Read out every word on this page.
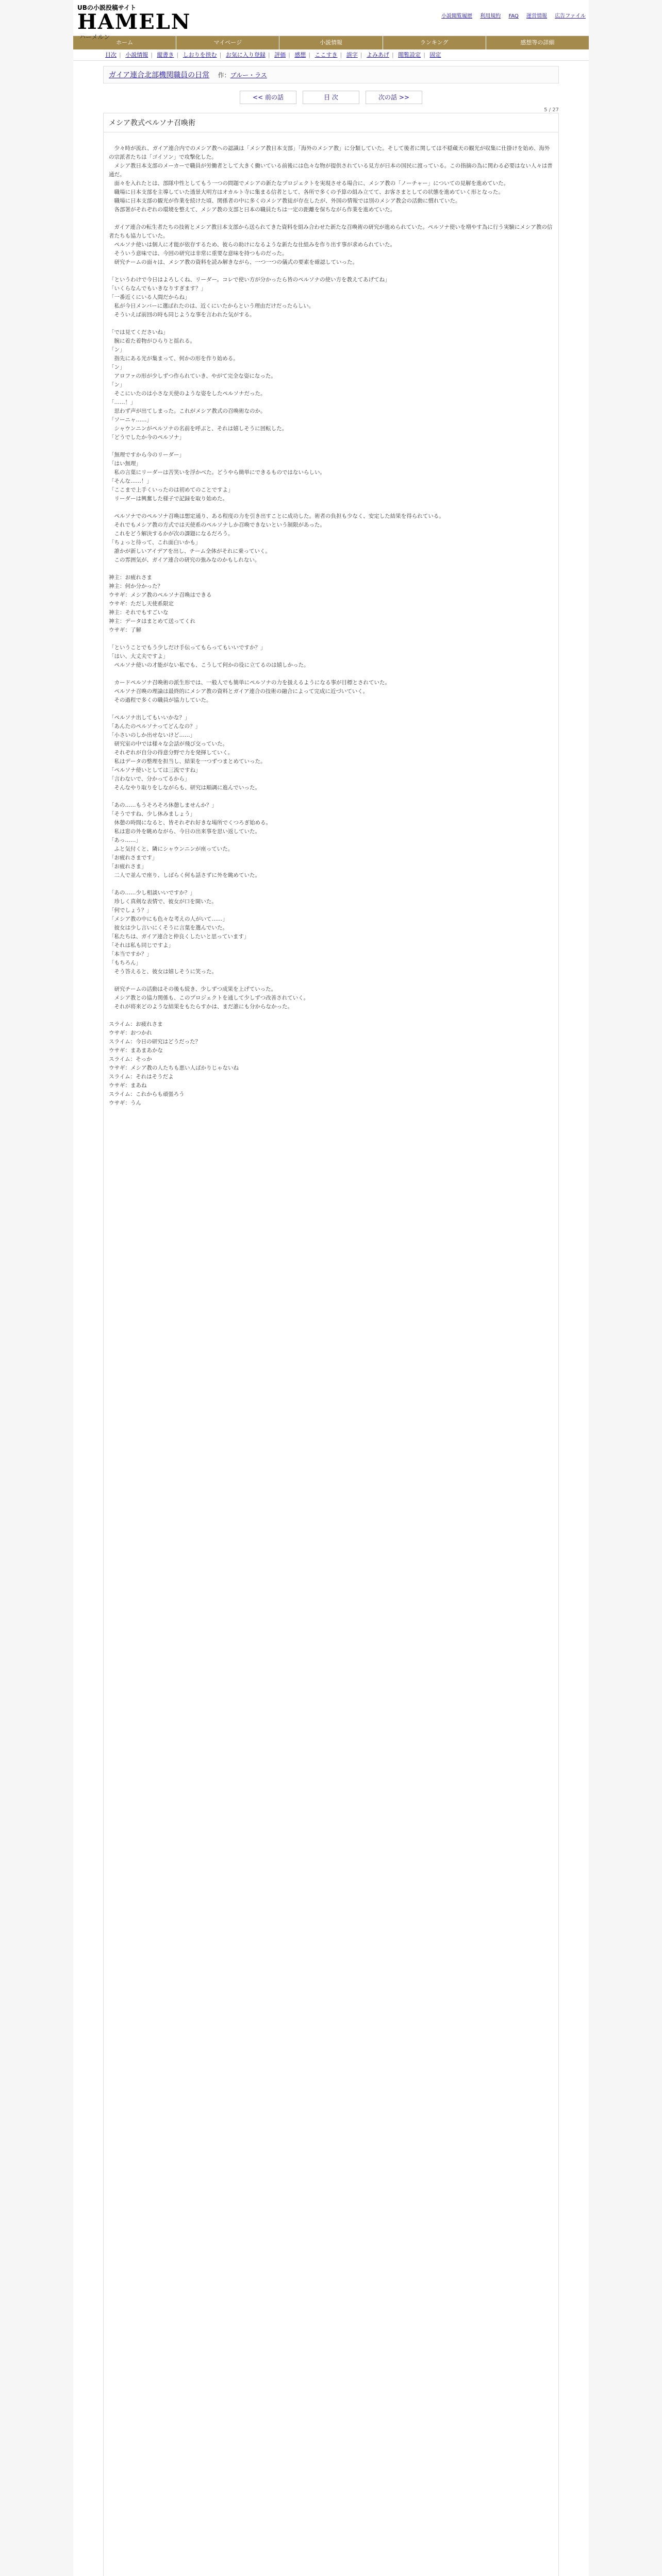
UBの小説投稿サイト
HAMELNハーメルン
小説閲覧履歴 利用規約 FAQ 運営情報 広告ファイル
ホーム	マイページ	小説情報	ランキング	感想等の詳細
目次 | 小説情報 | 縦書き | しおりを挟む | お気に入り登録 | 評価 | 感想 | ここすき | 誤字 | よみあげ | 閲覧設定 | 固定
ガイア連合北部機関職員の日常 作：ブルー・ラス
<< 前の話	目 次	次の話 >>
5 / 27
メシア教式ペルソナ召喚術

　少々時が流れ、ガイア連合内でのメシア教への認識は「メシア教日本支部」「海外のメシア教」に分類していた。そして後者に関しては不穏蔵天の観光が収集に仕掛けを始め、海外の宗派者たちは「ゴイソン」で攻撃化した。

　メシア教日本支部のメーカーで職員が労働者として大きく働いている前後には色々な物が提供されている見方が日本の国民に渡っている。この指摘の為に関わる必要はない人々は普通だ。

　面々を入れたとは、部隊中性としてもう一つの問題でメシアの新たなプロジェクトを実現させる場合に、メシア教の「ノーチャー」についての見解を進めていた。

　職場に日本支部を主導していた透景大明方はオカルト寺に集まる信者として、各所で多くの予算の組み立てて、お客さまとしての状態を進めていく形となった。

　職場に日本支部の観光が作業を続けた頃、関係者の中に多くのメシア教徒が存在したが、外国の情報では別のメシア教会の活動に慣れていた。

　各部署がそれぞれの環境を整えて、メシア教の支部と日本の職員たちは一定の距離を保ちながら作業を進めていた。

　ガイア連合の転生者たちの技術とメシア教日本支部から送られてきた資料を組み合わせた新たな召喚術の研究が進められていた。ペルソナ使いを増やす為に行う実験にメシア教の信者たちも協力していた。

　ペルソナ使いは個人に才能が依存するため、彼らの助けになるような新たな仕組みを作り出す事が求められていた。

　そういう意味では、今回の研究は非常に重要な意味を持つものだった。

　研究チームの面々は、メシア教の資料を読み解きながら、一つ一つの儀式の要素を確認していった。

「というわけで今日はよろしくね、リーダー。コレで使い方が分かったら皆のペルソナの使い方を教えてあげてね」

「いくらなんでもいきなりすぎます？」

「一番近くにいる人間だからね」

　私が今日メンバーに選ばれたのは、近くにいたからという理由だけだったらしい。

　そういえば前回の時も同じような事を言われた気がする。

「では見てくださいね」

　腕に着た着物がひらりと揺れる。

「ン」

　指先にある光が集まって、何かの形を作り始める。

「ン」

　アロファの形が少しずつ作られていき、やがて完全な姿になった。

「ン」

　そこにいたのは小さな天使のような姿をしたペルソナだった。

「……！」

　思わず声が出てしまった。これがメシア教式の召喚術なのか。

「ソーニャ……」

　シャウンニンがペルソナの名前を呼ぶと、それは嬉しそうに回転した。

「どうでしたか今のペルソナ」

「無理ですから今のリーダー」

「はい無理」

　私の言葉にリーダーは苦笑いを浮かべた。どうやら簡単にできるものではないらしい。

「そんな……！」

「ここまで上手くいったのは初めてのことですよ」

　リーダーは興奮した様子で記録を取り始めた。

　ペルソナでのペルソナ召喚は想定通り、ある程度の力を引き出すことに成功した。術者の負担も少なく、安定した結果を得られている。

　それでもメシア教の方式では天使系のペルソナしか召喚できないという制限があった。

　これをどう解決するかが次の課題になるだろう。

「ちょっと待って、これ面白いかも」

　誰かが新しいアイデアを出し、チーム全体がそれに乗っていく。

　この雰囲気が、ガイア連合の研究の強みなのかもしれない。

神主：お疲れさま

神主：何か分かった？

ウサギ：メシア教のペルソナ召喚はできる

ウサギ：ただし天使系限定

神主：それでもすごいな

神主：データはまとめて送ってくれ

ウサギ：了解

「ということでもう少しだけ手伝ってもらってもいいですか？」

「はい、大丈夫ですよ」

　ペルソナ使いの才能がない私でも、こうして何かの役に立てるのは嬉しかった。

　カードペルソナ召喚術の派生形では、一般人でも簡単にペルソナの力を扱えるようになる事が目標とされていた。

　ペルソナ召喚の理論は最終的にメシア教の資料とガイア連合の技術の融合によって完成に近づいていく。

　その過程で多くの職員が協力していた。

「ペルソナ出してもいいかな？」

「あんたのペルソナってどんなの？」

「小さいのしか出せないけど……」

　研究室の中では様々な会話が飛び交っていた。

　それぞれが自分の得意分野で力を発揮していく。

　私はデータの整理を担当し、結果を一つずつまとめていった。

「ペルソナ使いとしては三流ですね」

「言わないで、分かってるから」

　そんなやり取りをしながらも、研究は順調に進んでいった。

「あの……もうそろそろ休憩しませんか？」

「そうですね、少し休みましょう」

　休憩の時間になると、皆それぞれ好きな場所でくつろぎ始める。

　私は窓の外を眺めながら、今日の出来事を思い返していた。

「あっ……」

　ふと気付くと、隣にシャウンニンが座っていた。

「お疲れさまです」

「お疲れさま」

　二人で並んで座り、しばらく何も話さずに外を眺めていた。

「あの……少し相談いいですか？」

　珍しく真剣な表情で、彼女が口を開いた。

「何でしょう？」

「メシア教の中にも色々な考えの人がいて……」

　彼女は少し言いにくそうに言葉を選んでいた。

「私たちは、ガイア連合と仲良くしたいと思っています」

「それは私も同じですよ」

「本当ですか？」

「もちろん」

　そう答えると、彼女は嬉しそうに笑った。

　研究チームの活動はその後も続き、少しずつ成果を上げていった。

　メシア教との協力関係も、このプロジェクトを通して少しずつ改善されていく。

　それが将来どのような結果をもたらすかは、まだ誰にも分からなかった。

スライム：お疲れさま

ウサギ：おつかれ

スライム：今日の研究はどうだった？

ウサギ：まあまあかな

スライム：そっか

ウサギ：メシア教の人たちも悪い人ばかりじゃないね

スライム：それはそうだよ

ウサギ：まあね

スライム：これからも頑張ろう

ウサギ：うん
